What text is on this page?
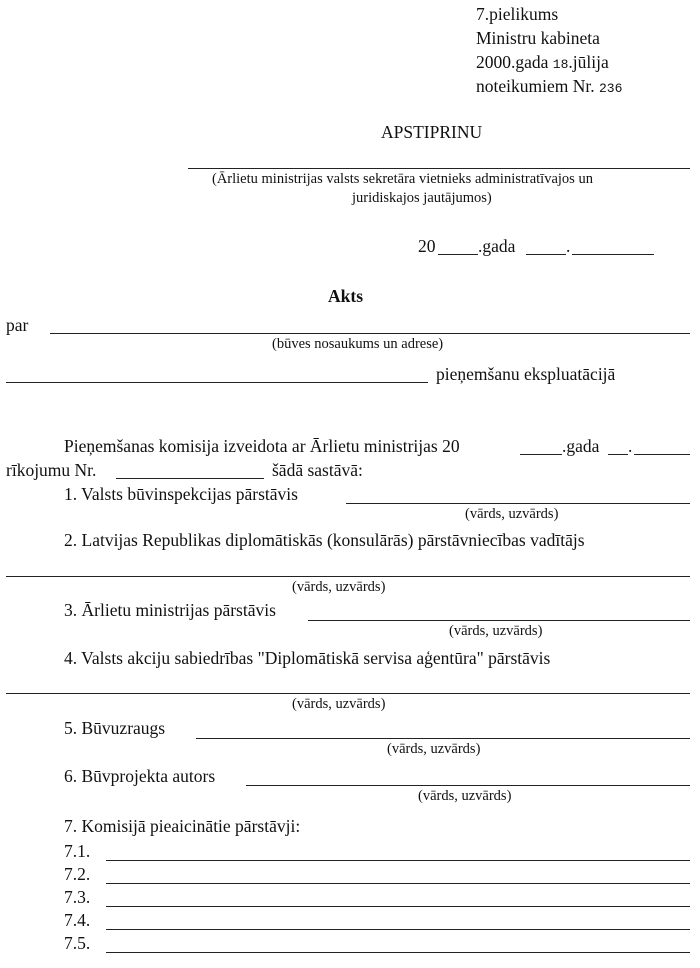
7.pielikums
Ministru kabineta
2000.gada 18.jūlija
noteikumiem Nr. 236
APSTIPRINU
(Ārlietu ministrijas valsts sekretāra vietnieks administratīvajos un
juridiskajos jautājumos)
20 .gada	.
Akts
par
(būves nosaukums un adrese)
pieņemšanu ekspluatācijā
Pieņemšanas komisija izveidota ar Ārlietu ministrijas 20	.gada .
rīkojumu Nr.	šādā sastāvā:
1. Valsts būvinspekcijas pārstāvis
(vārds, uzvārds)
2. Latvijas Republikas diplomātiskās (konsulārās) pārstāvniecības vadītājs
(vārds, uzvārds)
3. Ārlietu ministrijas pārstāvis
(vārds, uzvārds)
4. Valsts akciju sabiedrības "Diplomātiskā servisa aģentūra" pārstāvis
(vārds, uzvārds)
5. Būvuzraugs
(vārds, uzvārds)
6. Būvprojekta autors
(vārds, uzvārds)
7. Komisijā pieaicinātie pārstāvji:
7.1.
7.2.
7.3.
7.4.
7.5.
